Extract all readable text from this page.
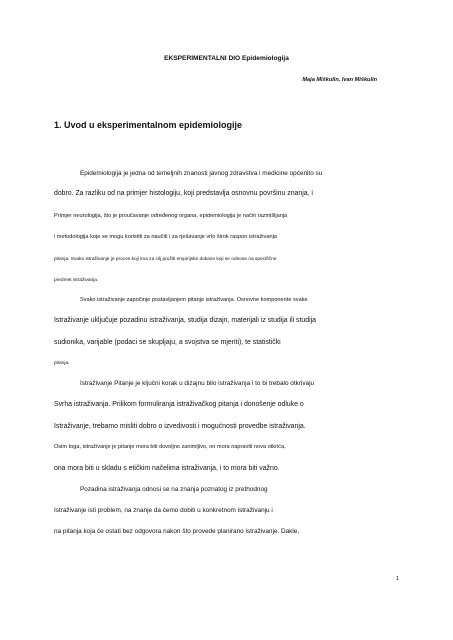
EKSPERIMENTALNI DIO Epidemiologija
Maja Miškulin, Ivan Miškulin
1. Uvod u eksperimentalnom epidemiologije
Epidemiologija je jedna od temeljnih znanosti javnog zdravstva i medicine općenito su
dobro. Za razliku od na primjer histologiju, koji predstavlja osnovnu površinu znanja, i
Primjer neurologija, što je proučavanje određenog organa, epidemiologija je način razmišljanja
i metodologija koje se mogu koristiti za naučiti i za rješavanje vrlo širok raspon istraživanja
pitanja. Svako istraživanje je proces koji ima za cilj pružiti empirijske dokaze koji se odnose na specifične
predmet istraživanja.
Svako istraživanje započinje postavljanjem pitanje istraživanja. Osnovne komponente svake
Istraživanje uključuje pozadinu istraživanja, studija dizajn, materijali iz studija ili studija
sudionika, varijable (podaci se skupljaju, a svojstva se mjeriti), te statistički
pitanja.
Istraživanje Pitanje je ključni korak u dizajnu bilo istraživanja i to bi trebalo otkrivaju
Svrha istraživanja. Prilikom formuliranja istraživačkog pitanja i donošenje odluke o
Istraživanje, trebamo misliti dobro o izvedivosti i mogućnosti provedbe istraživanja.
Osim toga, istraživanje je pitanje mora biti dovoljno zanimljivo, on mora napraviti nova otkrića,
ona mora biti u skladu s etičkim načelima istraživanja, i to mora biti važno.
Pozadina istraživanja odnosi se na znanja poznatog iz prethodnog
Istraživanje isti problem, na znanje da ćemo dobiti u konkretnom istraživanju i
na pitanja koja će ostati bez odgovora nakon što provede planirano istraživanje. Dakle,
1
